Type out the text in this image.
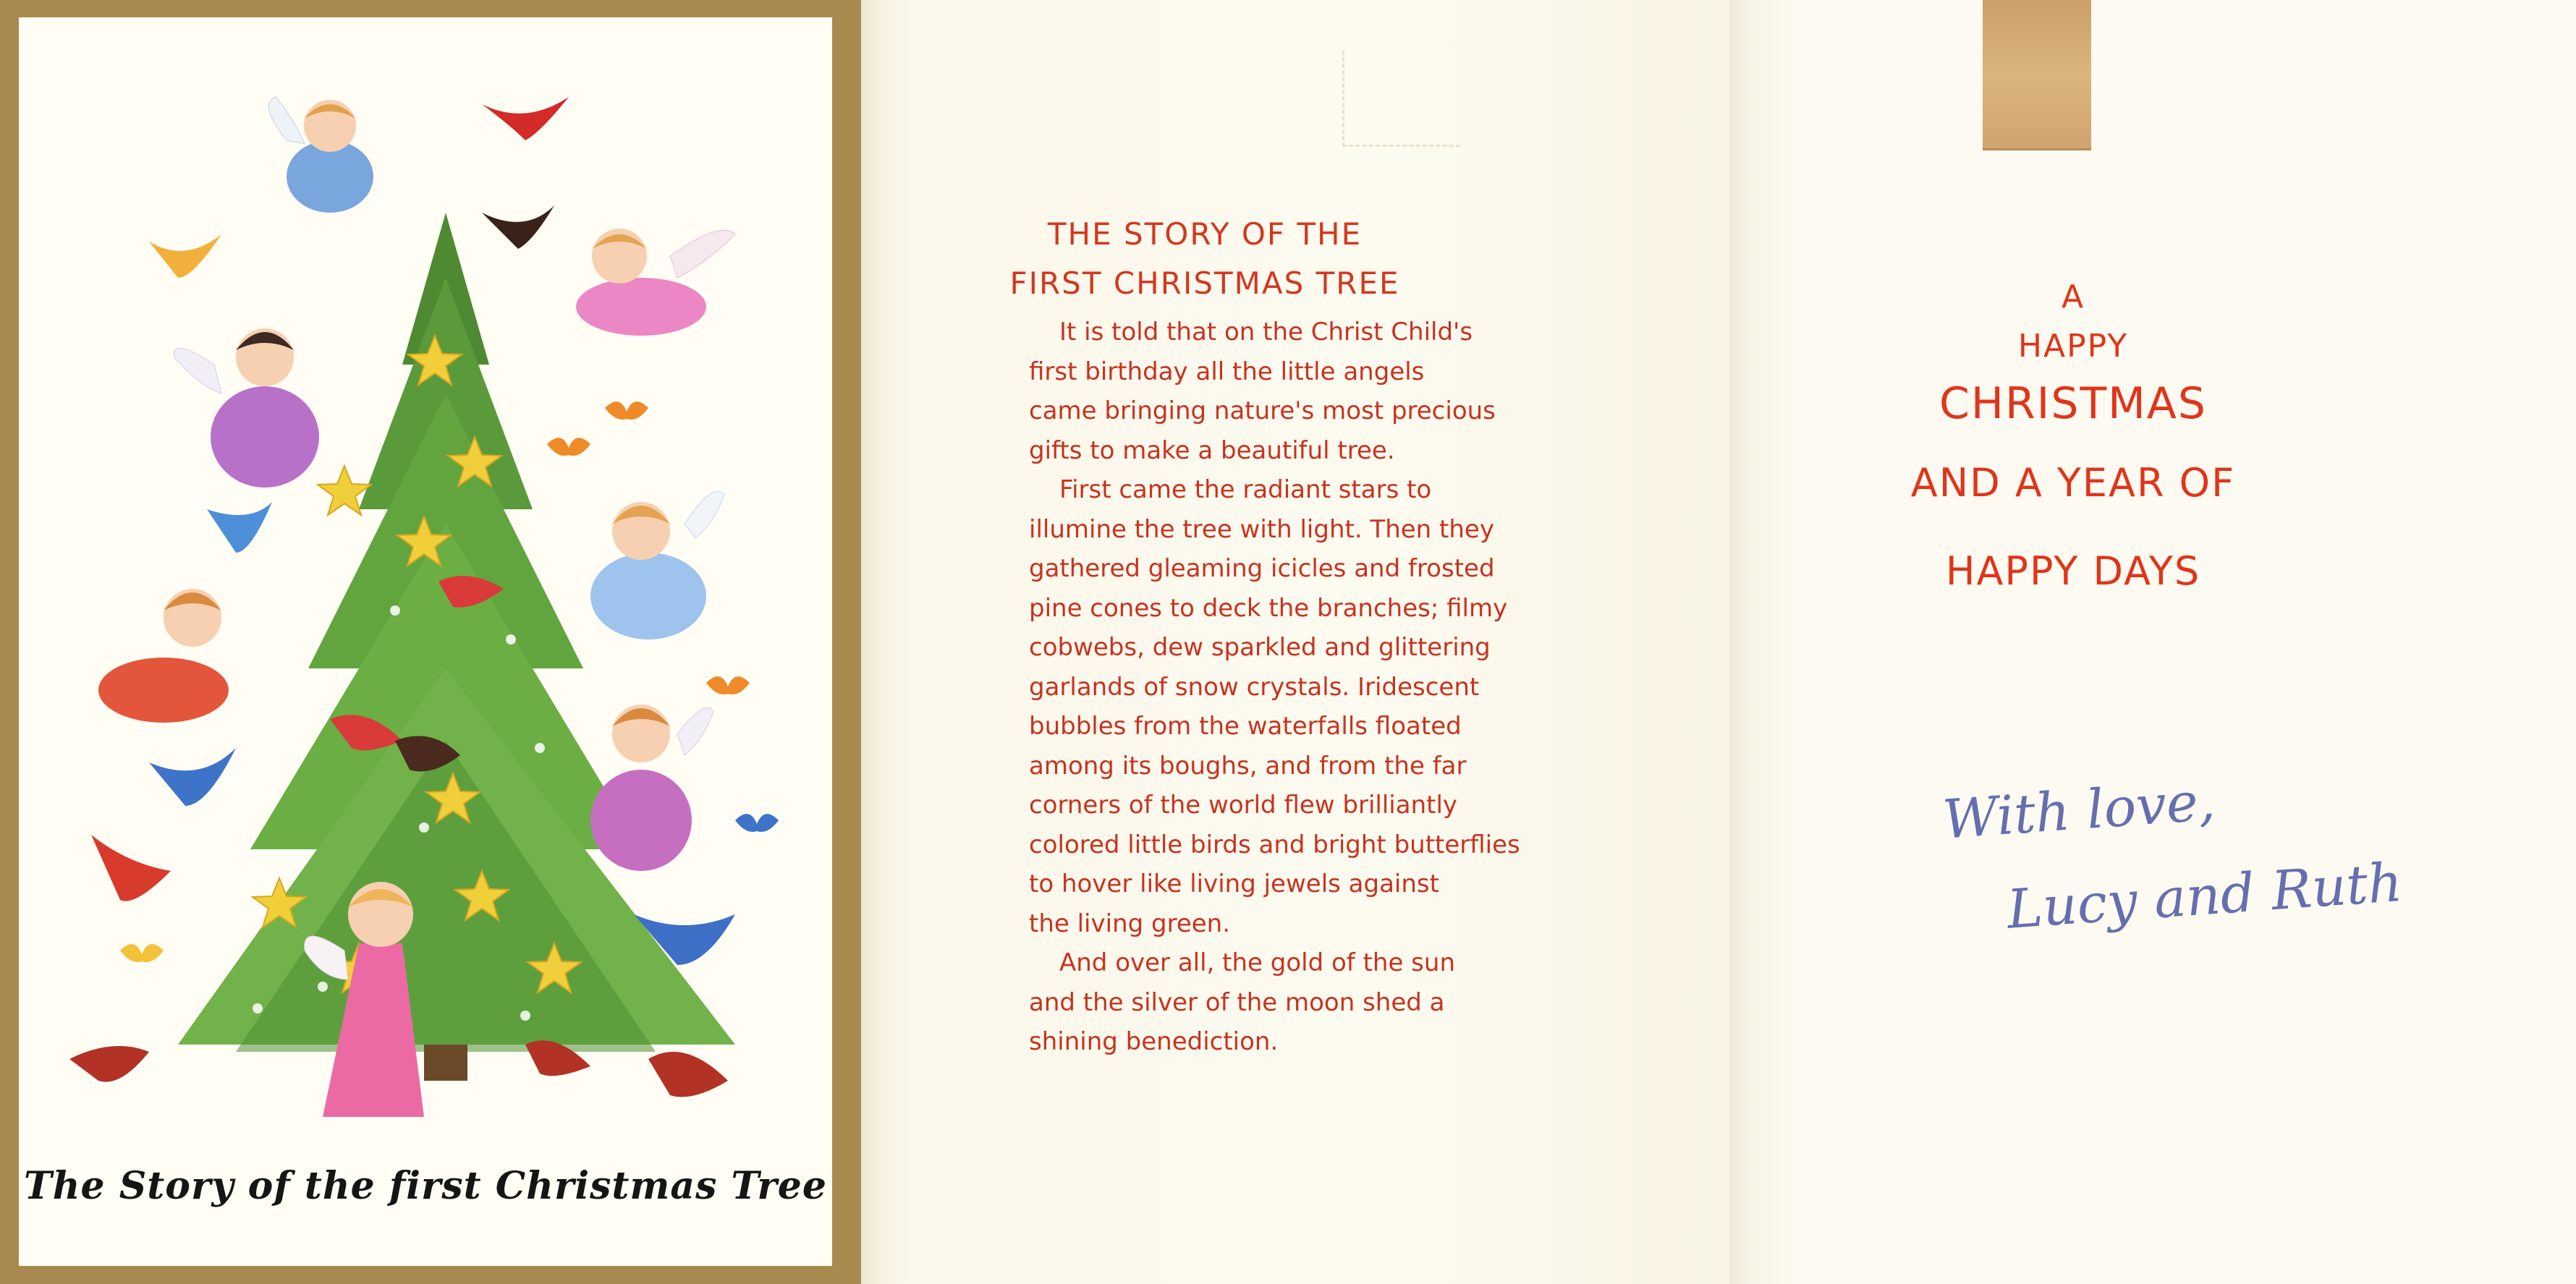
The Story of the first Christmas Tree
THE STORY OF THE
FIRST CHRISTMAS TREE

It is told that on the Christ Child's
first birthday all the little angels
came bringing nature's most precious
gifts to make a beautiful tree.

First came the radiant stars to
illumine the tree with light. Then they
gathered gleaming icicles and frosted
pine cones to deck the branches; filmy
cobwebs, dew sparkled and glittering
garlands of snow crystals. Iridescent
bubbles from the waterfalls floated
among its boughs, and from the far
corners of the world flew brilliantly
colored little birds and bright butterflies
to hover like living jewels against
the living green.

And over all, the gold of the sun
and the silver of the moon shed a
shining benediction.

A
HAPPY
CHRISTMAS
AND A YEAR OF
HAPPY DAYS
With love,
Lucy and Ruth
